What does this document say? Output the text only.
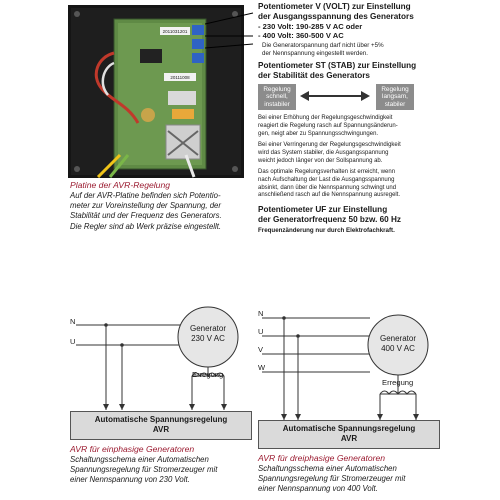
2011031201
20111008
Platine der AVR-Regelung
Auf der AVR-Platine befinden sich Potentio-
meter zur Voreinstellung der Spannung, der
Stabilität und der Frequenz des Generators.
Die Regler sind ab Werk präzise eingestellt.
Potentiometer V (VOLT) zur Einstellung
der Ausgangsspannung des Generators
- 230 Volt: 190-285 V AC oder
- 400 Volt: 360-500 V AC
Die Generatorspannung darf nicht über +5%
der Nennspannung eingestellt werden.
Potentiometer ST (STAB) zur Einstellung
der Stabilität des Generators
Regelung
schnell,
instabiler
Regelung
langsam,
stabiler
Bei einer Erhöhung der Regelungsgeschwindigkeit
reagiert die Regelung rasch auf Spannungsänderun-
gen, neigt aber zu Spannungsschwingungen.
Bei einer Verringerung der Regelungsgeschwindigkeit
wird das System stabiler, die Ausgangsspannung
weicht jedoch länger von der Sollspannung ab.
Das optimale Regelungsverhalten ist erreicht, wenn
nach Aufschaltung der Last die Ausgangsspannung
absinkt, dann über die Nennspannung schwingt und
anschließend rasch auf die Nennspannung ausregelt.
Potentiometer UF zur Einstellung
der Generatorfrequenz 50 bzw. 60 Hz
Frequenzänderung nur durch Elektrofachkraft.
N
U
Generator
230 V AC
Erregung
Automatische Spannungsregelung
AVR
AVR für einphasige Generatoren
Schaltungsschema einer Automatischen
Spannungsregelung für Stromerzeuger mit
einer Nennspannung von 230 Volt.
N
U
V
W
Generator
400 V AC
Erregung
Automatische Spannungsregelung
AVR
AVR für dreiphasige Generatoren
Schaltungsschema einer Automatischen
Spannungsregelung für Stromerzeuger mit
einer Nennspannung von 400 Volt.
